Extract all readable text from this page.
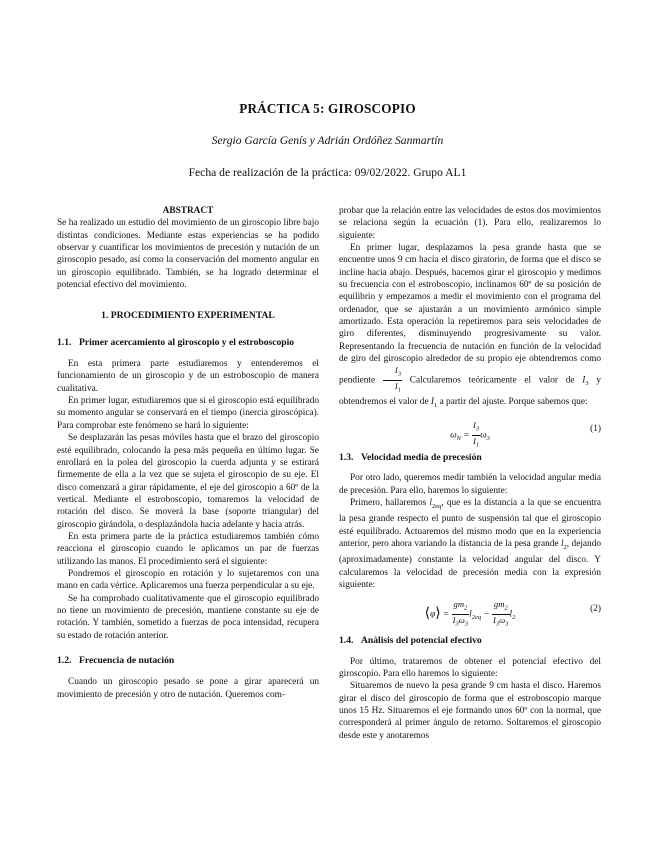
PRÁCTICA 5: GIROSCOPIO
Sergio García Genís y Adrián Ordóñez Sanmartín
Fecha de realización de la práctica: 09/02/2022. Grupo AL1
ABSTRACT

Se ha realizado un estudio del movimiento de un giroscopio libre bajo distintas condiciones. Mediante estas experiencias se ha podido observar y cuantificar los movimientos de precesión y nutación de un giroscopio pesado, así como la conservación del momento angular en un giroscopio equilibrado. También, se ha logrado determinar el potencial efectivo del movimiento.

1. PROCEDIMIENTO EXPERIMENTAL
1.1. Primer acercamiento al giroscopio y el estroboscopio

En esta primera parte estudiaremos y entenderemos el funcionamiento de un giroscopio y de un estroboscopio de manera cualitativa.

En primer lugar, estudiaremos que si el giroscopio está equilibrado su momento angular se conservará en el tiempo (inercia giroscópica). Para comprobar este fenómeno se hará lo siguiente:

Se desplazarán las pesas móviles hasta que el brazo del giroscopio esté equilibrado, colocando la pesa más pequeña en último lugar. Se enrollará en la polea del giroscopio la cuerda adjunta y se estirará firmemente de ella a la vez que se sujeta el giroscopio de su eje. El disco comenzará a girar rápidamente, el eje del giroscopio a 60º de la vertical. Mediante el estroboscopio, tomaremos la velocidad de rotación del disco. Se moverá la base (soporte triangular) del giroscopio girándola, o desplazándola hacia adelante y hacia atrás.

En esta primera parte de la práctica estudiaremos también cómo reacciona el giroscopio cuando le aplicamos un par de fuerzas utilizando las manos. El procedimiento será el siguiente:

Pondremos el giroscopio en rotación y lo sujetaremos con una mano en cada vértice. Aplicaremos una fuerza perpendicular a su eje.

Se ha comprobado cualitativamente que el giroscopio equilibrado no tiene un movimiento de precesión, mantiene constante su eje de rotación. Y también, sometido a fuerzas de poca intensidad, recupera su estado de rotación anterior.

1.2. Frecuencia de nutación

Cuando un giroscopio pesado se pone a girar aparecerá un movimiento de precesión y otro de nutación. Queremos com-

probar que la relación entre las velocidades de estos dos movimientos se relaciona según la ecuación (1). Para ello, realizaremos lo siguiente:

En primer lugar, desplazamos la pesa grande hasta que se encuentre unos 9 cm hacia el disco giratorio, de forma que el disco se incline hacia abajo. Después, hacemos girar el giroscopio y medimos su frecuencia con el estroboscopio, inclinamos 60º de su posición de equilibrio y empezamos a medir el movimiento con el programa del ordenador, que se ajustarán a un movimiento armónico simple amortizado. Esta operación la repetiremos para seis velocidades de giro diferentes, disminuyendo progresivamente su valor. Representando la frecuencia de nutación en función de la velocidad de giro del giroscopio alrededor de su propio eje obtendremos como pendiente $\frac{I_3}{I_1}$ Calcularemos teóricamente el valor de $I_3$ y obtendremos el valor de $I_1$ a partir del ajuste. Porque sabemos que:

$\omega_N = \frac{I_3}{I_1} \omega_3$
(1)
1.3. Velocidad media de precesión

Por otro lado, queremos medir también la velocidad angular media de precesión. Para ello, haremos lo siguiente:

Primero, hallaremos $l_{2eq}$, que es la distancia a la que se encuentra la pesa grande respecto el punto de suspensión tal que el giroscopio esté equilibrado. Actuaremos del mismo modo que en la experiencia anterior, pero ahora variando la distancia de la pesa grande $l_2$, dejando (aproximadamente) constante la velocidad angular del disco. Y calcularemos la velocidad de precesión media con la expresión siguiente:

⟨φ̇⟩ = $\frac{gm_2}{I_3\omega_3} l_{2eq} - \frac{gm_2}{I_3\omega_3} l_2$
(2)
1.4. Anàlisis del potencial efectivo

Por último, trataremos de obtener el potencial efectivo del giroscopio. Para ello haremos lo siguiente:

Situaremos de nuevo la pesa grande 9 cm hasta el disco. Haremos girar el disco del giroscopio de forma que el estroboscopio marque unos 15 Hz. Situaremos el eje formando unos 60º con la normal, que corresponderá al primer ángulo de retorno. Soltaremos el giroscopio desde este y anotaremos
